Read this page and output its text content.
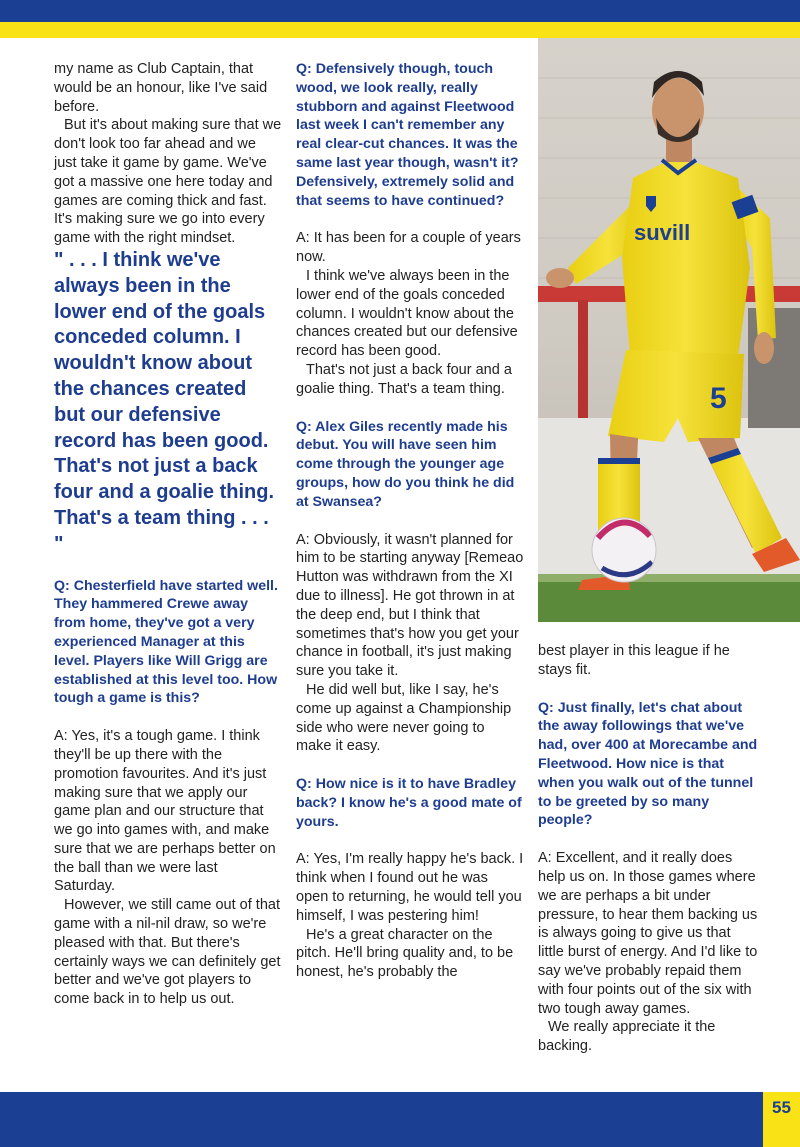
my name as Club Captain, that would be an honour, like I've said before.

But it's about making sure that we don't look too far ahead and we just take it game by game. We've got a massive one here today and games are coming thick and fast. It's making sure we go into every game with the right mindset.

" . . . I think we've always been in the lower end of the goals conceded column. I wouldn't know about the chances created but our defensive record has been good. That's not just a back four and a goalie thing. That's a team thing . . . "

Q: Chesterfield have started well. They hammered Crewe away from home, they've got a very experienced Manager at this level. Players like Will Grigg are established at this level too. How tough a game is this?

A: Yes, it's a tough game. I think they'll be up there with the promotion favourites. And it's just making sure that we apply our game plan and our structure that we go into games with, and make sure that we are perhaps better on the ball than we were last Saturday.

However, we still came out of that game with a nil-nil draw, so we're pleased with that. But there's certainly ways we can definitely get better and we've got players to come back in to help us out.

Q: Defensively though, touch wood, we look really, really stubborn and against Fleetwood last week I can't remember any real clear-cut chances. It was the same last year though, wasn't it? Defensively, extremely solid and that seems to have continued?

A: It has been for a couple of years now.

I think we've always been in the lower end of the goals conceded column. I wouldn't know about the chances created but our defensive record has been good.

That's not just a back four and a goalie thing. That's a team thing.

Q: Alex Giles recently made his debut. You will have seen him come through the younger age groups, how do you think he did at Swansea?

A: Obviously, it wasn't planned for him to be starting anyway [Remeao Hutton was withdrawn from the XI due to illness]. He got thrown in at the deep end, but I think that sometimes that's how you get your chance in football, it's just making sure you take it.

He did well but, like I say, he's come up against a Championship side who were never going to make it easy.

Q: How nice is it to have Bradley back? I know he's a good mate of yours.

A: Yes, I'm really happy he's back. I think when I found out he was open to returning, he would tell you himself, I was pestering him!

He's a great character on the pitch. He'll bring quality and, to be honest, he's probably the

suvill
5

best player in this league if he stays fit.

Q: Just finally, let's chat about the away followings that we've had, over 400 at Morecambe and Fleetwood. How nice is that when you walk out of the tunnel to be greeted by so many people?

A: Excellent, and it really does help us on. In those games where we are perhaps a bit under pressure, to hear them backing us is always going to give us that little burst of energy. And I'd like to say we've probably repaid them with four points out of the six with two tough away games.

We really appreciate it the backing.

55
